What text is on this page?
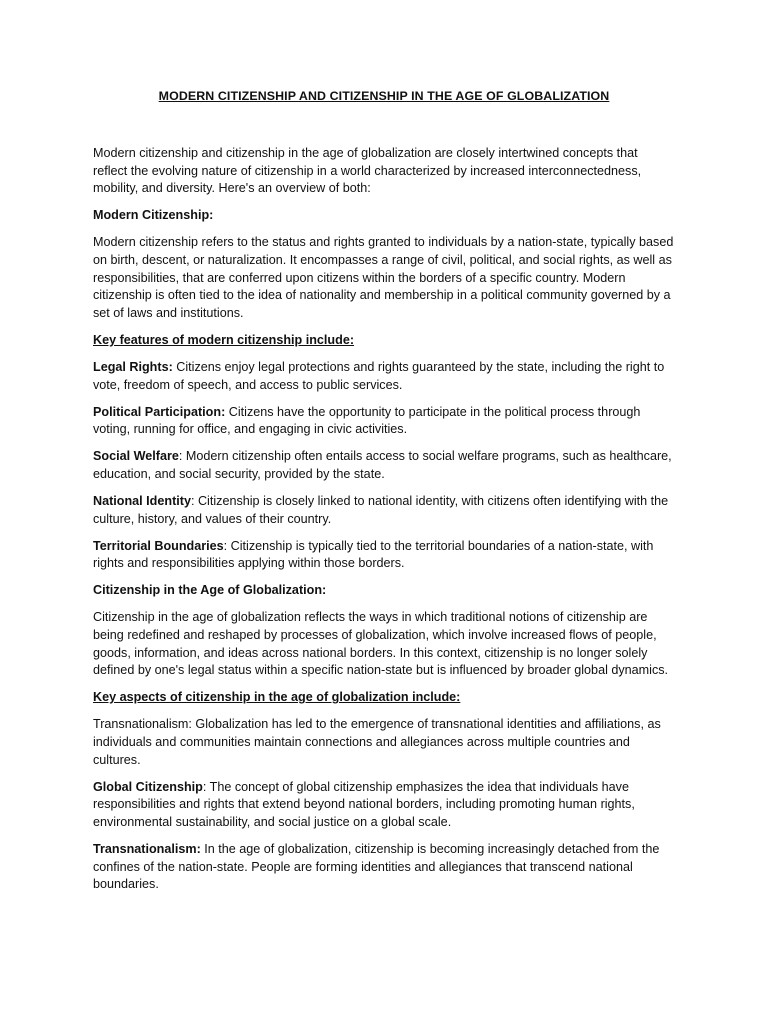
MODERN CITIZENSHIP AND CITIZENSHIP IN THE AGE OF GLOBALIZATION

Modern citizenship and citizenship in the age of globalization are closely intertwined concepts that reflect the evolving nature of citizenship in a world characterized by increased interconnectedness, mobility, and diversity. Here's an overview of both:

Modern Citizenship:

Modern citizenship refers to the status and rights granted to individuals by a nation-state, typically based on birth, descent, or naturalization. It encompasses a range of civil, political, and social rights, as well as responsibilities, that are conferred upon citizens within the borders of a specific country. Modern citizenship is often tied to the idea of nationality and membership in a political community governed by a set of laws and institutions.

Key features of modern citizenship include:

Legal Rights: Citizens enjoy legal protections and rights guaranteed by the state, including the right to vote, freedom of speech, and access to public services.

Political Participation: Citizens have the opportunity to participate in the political process through voting, running for office, and engaging in civic activities.

Social Welfare: Modern citizenship often entails access to social welfare programs, such as healthcare, education, and social security, provided by the state.

National Identity: Citizenship is closely linked to national identity, with citizens often identifying with the culture, history, and values of their country.

Territorial Boundaries: Citizenship is typically tied to the territorial boundaries of a nation-state, with rights and responsibilities applying within those borders.

Citizenship in the Age of Globalization:

Citizenship in the age of globalization reflects the ways in which traditional notions of citizenship are being redefined and reshaped by processes of globalization, which involve increased flows of people, goods, information, and ideas across national borders. In this context, citizenship is no longer solely defined by one's legal status within a specific nation-state but is influenced by broader global dynamics.

Key aspects of citizenship in the age of globalization include:

Transnationalism: Globalization has led to the emergence of transnational identities and affiliations, as individuals and communities maintain connections and allegiances across multiple countries and cultures.

Global Citizenship: The concept of global citizenship emphasizes the idea that individuals have responsibilities and rights that extend beyond national borders, including promoting human rights, environmental sustainability, and social justice on a global scale.

Transnationalism: In the age of globalization, citizenship is becoming increasingly detached from the confines of the nation-state. People are forming identities and allegiances that transcend national boundaries.
